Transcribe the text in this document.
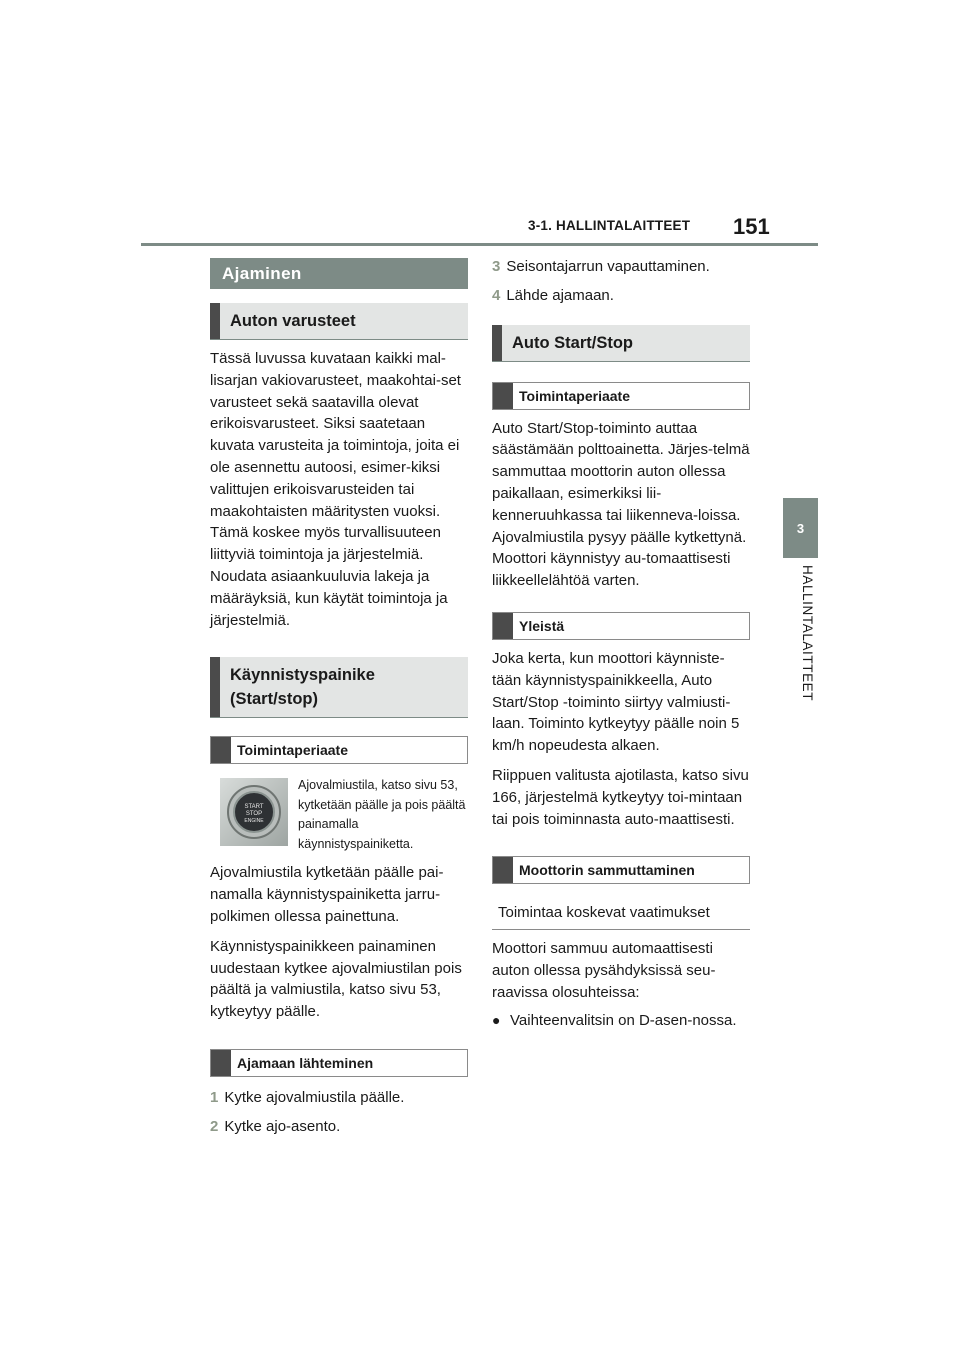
3-1. HALLINTALAITTEET 151
3
HALLINTALAITTEET
Ajaminen
Auton varusteet

Tässä luvussa kuvataan kaikki mal-lisarjan vakiovarusteet, maakohtai-set varusteet sekä saatavilla olevat erikoisvarusteet. Siksi saatetaan kuvata varusteita ja toimintoja, joita ei ole asennettu autoosi, esimer-kiksi valittujen erikoisvarusteiden tai maakohtaisten määritysten vuoksi. Tämä koskee myös turvallisuuteen liittyviä toimintoja ja järjestelmiä. Noudata asiaankuuluvia lakeja ja määräyksiä, kun käytät toimintoja ja järjestelmiä.

Käynnistyspainike (Start/stop)
Toimintaperiaate
START
STOP
ENGINE
Ajovalmiustila, katso sivu 53, kytketään päälle ja pois päältä painamalla käynnistyspainiketta.

Ajovalmiustila kytketään päälle pai-namalla käynnistyspainiketta jarru-polkimen ollessa painettuna.

Käynnistyspainikkeen painaminen uudestaan kytkee ajovalmiustilan pois päältä ja valmiustila, katso sivu 53, kytkeytyy päälle.

Ajamaan lähteminen

1 Kytke ajovalmiustila päälle.

2 Kytke ajo-asento.

3 Seisontajarrun vapauttaminen.

4 Lähde ajamaan.

Auto Start/Stop
Toimintaperiaate

Auto Start/Stop-toiminto auttaa säästämään polttoainetta. Järjes-telmä sammuttaa moottorin auton ollessa paikallaan, esimerkiksi lii-kenneruuhkassa tai liikenneva-loissa. Ajovalmiustila pysyy päälle kytkettynä. Moottori käynnistyy au-tomaattisesti liikkeellelähtöä varten.

Yleistä

Joka kerta, kun moottori käynniste-tään käynnistyspainikkeella, Auto Start/Stop -toiminto siirtyy valmiusti-laan. Toiminto kytkeytyy päälle noin 5 km/h nopeudesta alkaen.

Riippuen valitusta ajotilasta, katso sivu 166, järjestelmä kytkeytyy toi-mintaan tai pois toiminnasta auto-maattisesti.

Moottorin sammuttaminen
Toimintaa koskevat vaatimukset

Moottori sammuu automaattisesti auton ollessa pysähdyksissä seu-raavissa olosuhteissa:

● Vaihteenvalitsin on D-asen-nossa.
